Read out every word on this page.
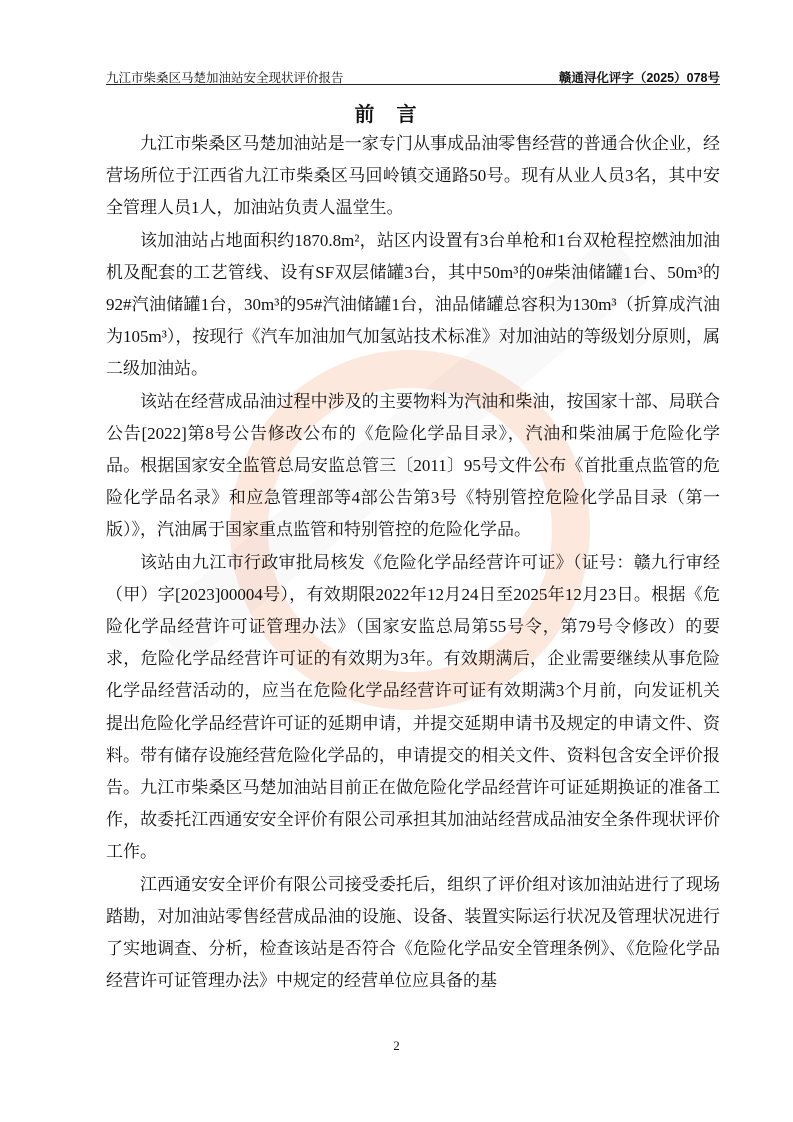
九江市柴桑区马楚加油站安全现状评价报告	赣通浔化评字（2025）078号
前言

九江市柴桑区马楚加油站是一家专门从事成品油零售经营的普通合伙企业，经营场所位于江西省九江市柴桑区马回岭镇交通路50号。现有从业人员3名，其中安全管理人员1人，加油站负责人温堂生。

该加油站占地面积约1870.8m²，站区内设置有3台单枪和1台双枪程控燃油加油机及配套的工艺管线、设有SF双层储罐3台，其中50m³的0#柴油储罐1台、50m³的92#汽油储罐1台，30m³的95#汽油储罐1台，油品储罐总容积为130m³（折算成汽油为105m³），按现行《汽车加油加气加氢站技术标准》对加油站的等级划分原则，属二级加油站。

该站在经营成品油过程中涉及的主要物料为汽油和柴油，按国家十部、局联合公告[2022]第8号公告修改公布的《危险化学品目录》，汽油和柴油属于危险化学品。根据国家安全监管总局安监总管三〔2011〕95号文件公布《首批重点监管的危险化学品名录》和应急管理部等4部公告第3号《特别管控危险化学品目录（第一版）》，汽油属于国家重点监管和特别管控的危险化学品。

该站由九江市行政审批局核发《危险化学品经营许可证》（证号：赣九行审经（甲）字[2023]00004号），有效期限2022年12月24日至2025年12月23日。根据《危险化学品经营许可证管理办法》（国家安监总局第55号令，第79号令修改）的要求，危险化学品经营许可证的有效期为3年。有效期满后，企业需要继续从事危险化学品经营活动的，应当在危险化学品经营许可证有效期满3个月前，向发证机关提出危险化学品经营许可证的延期申请，并提交延期申请书及规定的申请文件、资料。带有储存设施经营危险化学品的，申请提交的相关文件、资料包含安全评价报告。九江市柴桑区马楚加油站目前正在做危险化学品经营许可证延期换证的准备工作，故委托江西通安安全评价有限公司承担其加油站经营成品油安全条件现状评价工作。

江西通安安全评价有限公司接受委托后，组织了评价组对该加油站进行了现场踏勘，对加油站零售经营成品油的设施、设备、装置实际运行状况及管理状况进行了实地调查、分析，检查该站是否符合《危险化学品安全管理条例》、《危险化学品经营许可证管理办法》中规定的经营单位应具备的基

2
